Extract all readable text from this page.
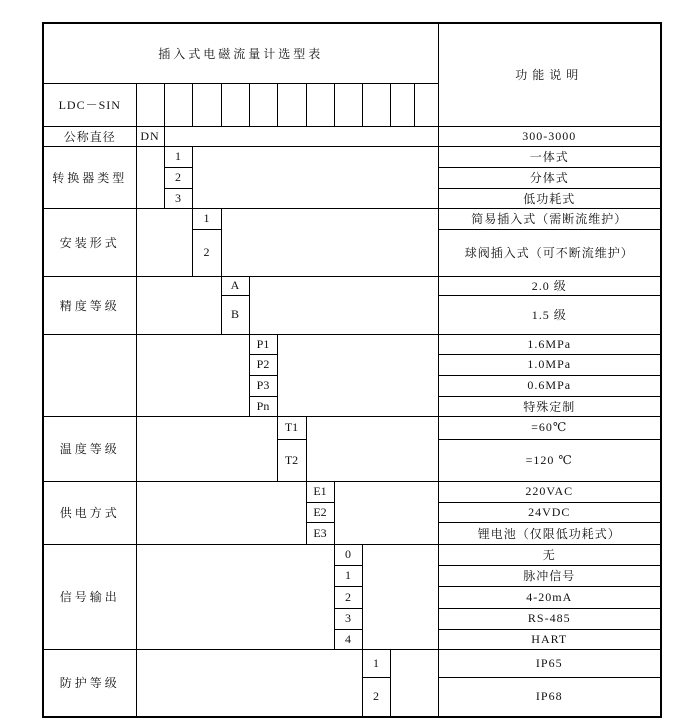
插入式电磁流量计选型表												功能说明
LDC－SIN												
公称直径	DN											300-3000
转换器类型		1										一体式
		2										分体式
		3										低功耗式
安装形式			1									简易插入式（需断流维护）
			2									球阀插入式（可不断流维护）
精度等级				A								2.0 级
				B								1.5 级
					P1							1.6MPa
					P2							1.0MPa
					P3							0.6MPa
					Pn							特殊定制
温度等级						T1						=60℃
						T2						=120 ℃
供电方式							E1					220VAC
							E2					24VDC
							E3					锂电池（仅限低功耗式）
信号输出								0				无
								1				脉冲信号
								2				4-20mA
								3				RS-485
								4				HART
防护等级									1			IP65
									2			IP68
